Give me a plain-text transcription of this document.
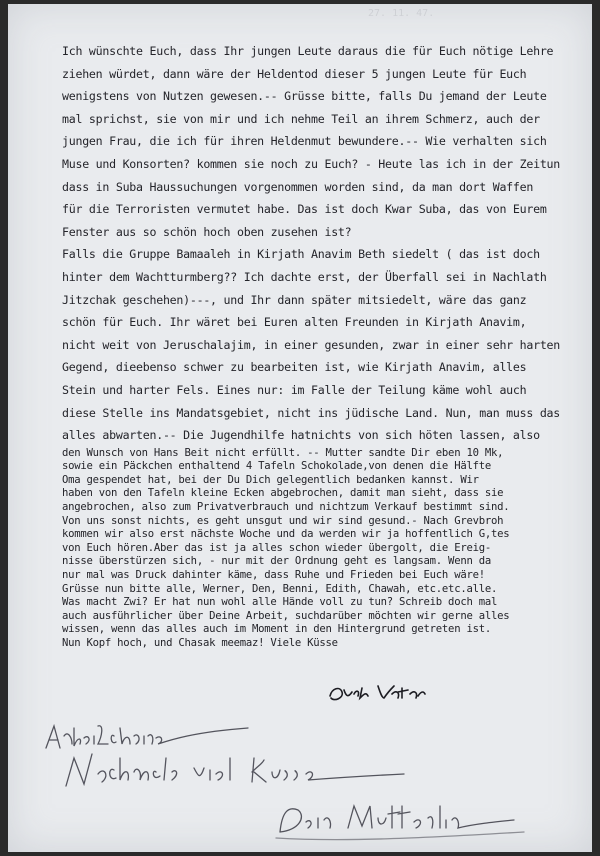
27. 11. 47.
Ich wünschte Euch, dass Ihr jungen Leute daraus die für Euch nötige Lehre
ziehen würdet, dann wäre der Heldentod dieser 5 jungen Leute für Euch
wenigstens von Nutzen gewesen.-- Grüsse bitte, falls Du jemand der Leute
mal sprichst, sie von mir und ich nehme Teil an ihrem Schmerz, auch der
jungen Frau, die ich für ihren Heldenmut bewundere.-- Wie verhalten sich
Muse und Konsorten? kommen sie noch zu Euch? - Heute las ich in der Zeitun
dass in Suba Haussuchungen vorgenommen worden sind, da man dort Waffen
für die Terroristen vermutet habe. Das ist doch Kwar Suba, das von Eurem
Fenster aus so schön hoch oben zusehen ist?
Falls die Gruppe Bamaaleh in Kirjath Anavim Beth siedelt ( das ist doch
hinter dem Wachtturmberg?? Ich dachte erst, der Überfall sei in Nachlath
Jitzchak geschehen)---, und Ihr dann später mitsiedelt, wäre das ganz
schön für Euch. Ihr wäret bei Euren alten Freunden in Kirjath Anavim,
nicht weit von Jeruschalajim, in einer gesunden, zwar in einer sehr harten
Gegend, dieebenso schwer zu bearbeiten ist, wie Kirjath Anavim, alles
Stein und harter Fels. Eines nur: im Falle der Teilung käme wohl auch
diese Stelle ins Mandatsgebiet, nicht ins jüdische Land. Nun, man muss das
alles abwarten.-- Die Jugendhilfe hatnichts von sich höten lassen, also
den Wunsch von Hans Beit nicht erfüllt. -- Mutter sandte Dir eben 10 Mk,
sowie ein Päckchen enthaltend 4 Tafeln Schokolade,von denen die Hälfte
Oma gespendet hat, bei der Du Dich gelegentlich bedanken kannst. Wir
haben von den Tafeln kleine Ecken abgebrochen, damit man sieht, dass sie
angebrochen, also zum Privatverbrauch und nichtzum Verkauf bestimmt sind.
Von uns sonst nichts, es geht unsgut und wir sind gesund.- Nach Grevbroh
kommen wir also erst nächste Woche und da werden wir ja hoffentlich G,tes
von Euch hören.Aber das ist ja alles schon wieder übergolt, die Ereig-
nisse überstürzen sich, - nur mit der Ordnung geht es langsam. Wenn da
nur mal was Druck dahinter käme, dass Ruhe und Frieden bei Euch wäre!
Grüsse nun bitte alle, Werner, Den, Benni, Edith, Chawah, etc.etc.alle.
Was macht Zwi? Er hat nun wohl alle Hände voll zu tun? Schreib doch mal
auch ausführlicher über Deine Arbeit, suchdarüber möchten wir gerne alles
wissen, wenn das alles auch im Moment in den Hintergrund getreten ist.
Nun Kopf hoch, und Chasak meemaz! Viele Küsse
